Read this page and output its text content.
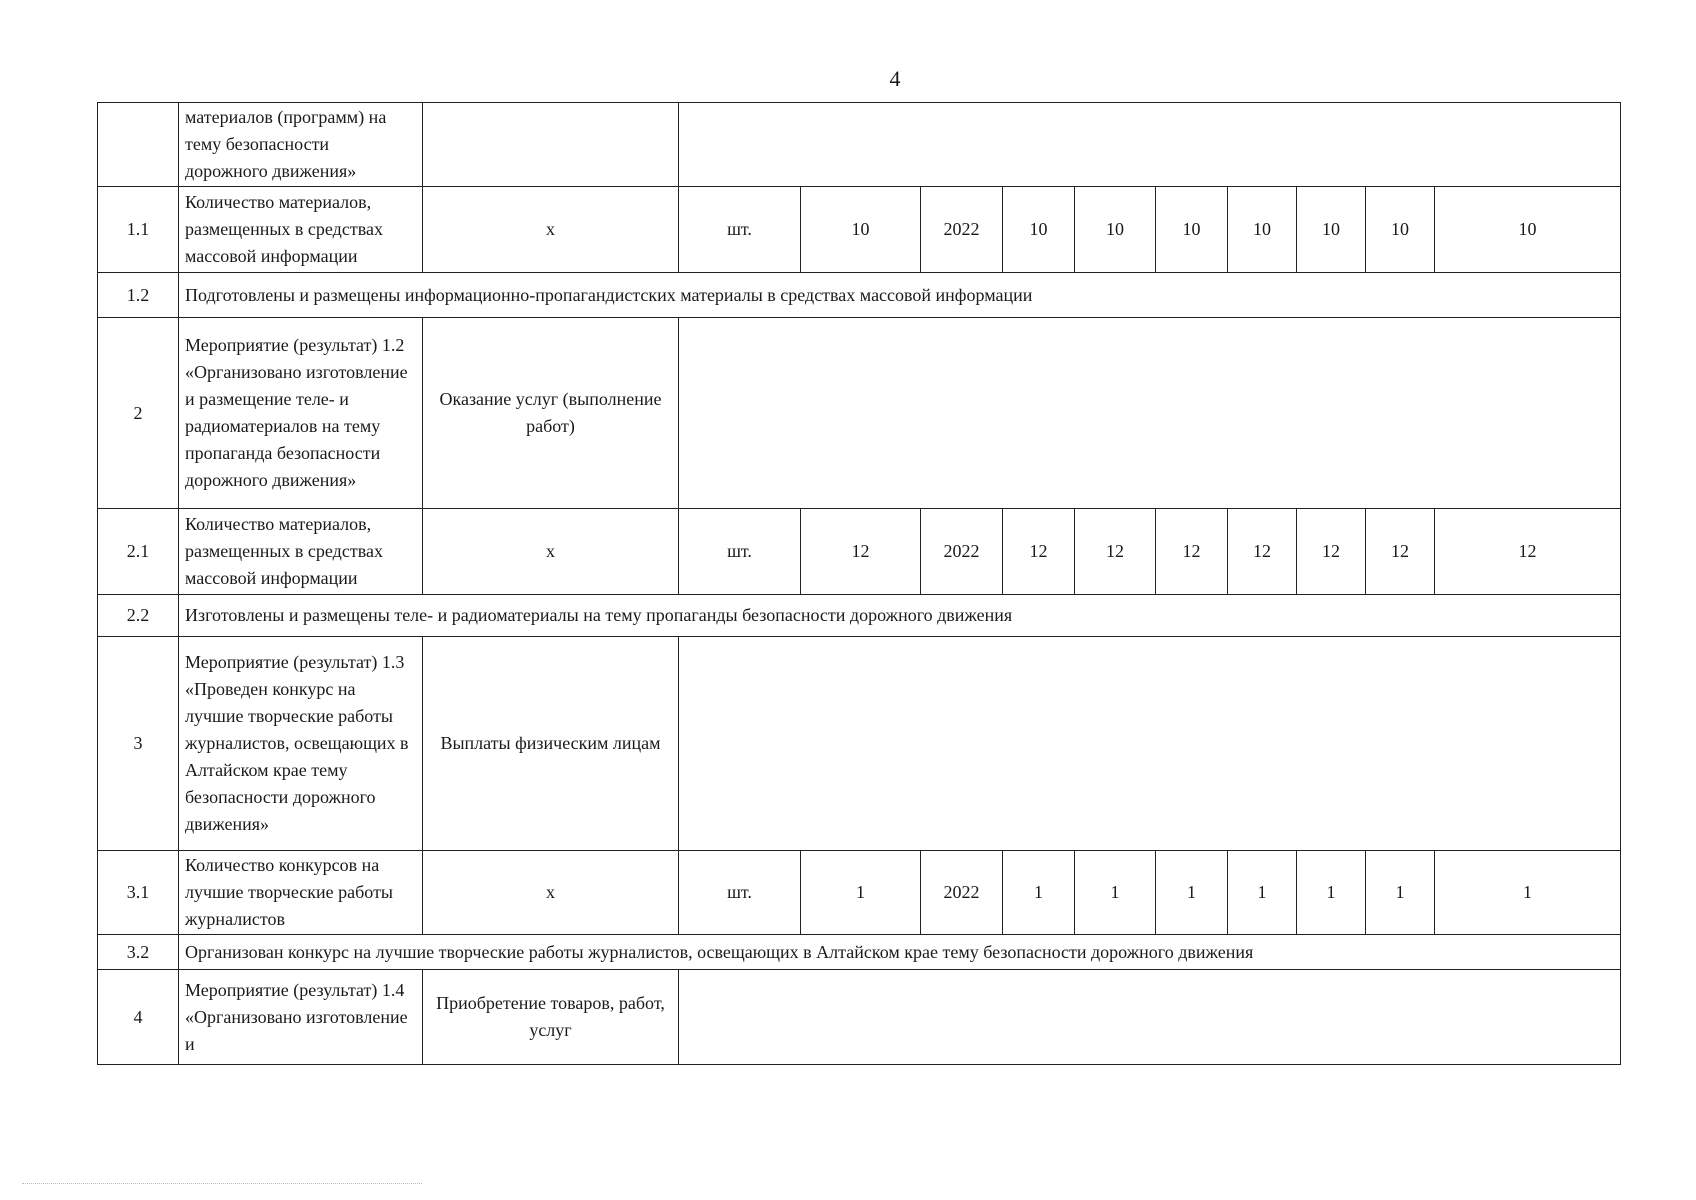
4
	материалов (программ) на тему безопасности дорожного движения»											
1.1	Количество материалов, размещенных в средствах массовой информации	х	шт.	10	2022	10	10	10	10	10	10	10
1.2	Подготовлены и размещены информационно-пропагандистских материалы в средствах массовой информации											
2	Мероприятие (результат) 1.2 «Организовано изготовление и размещение теле- и радиоматериалов на тему пропаганда безопасности дорожного движения»	Оказание услуг (выполнение работ)										
2.1	Количество материалов, размещенных в средствах массовой информации	х	шт.	12	2022	12	12	12	12	12	12	12
2.2	Изготовлены и размещены теле- и радиоматериалы на тему пропаганды безопасности дорожного движения											
3	Мероприятие (результат) 1.3 «Проведен конкурс на лучшие творческие работы журналистов, освещающих в Алтайском крае тему безопасности дорожного движения»	Выплаты физическим лицам										
3.1	Количество конкурсов на лучшие творческие работы журналистов	х	шт.	1	2022	1	1	1	1	1	1	1
3.2	Организован конкурс на лучшие творческие работы журналистов, освещающих в Алтайском крае тему безопасности дорожного движения											
4	Мероприятие (результат) 1.4 «Организовано изготовление и	Приобретение товаров, работ, услуг										
